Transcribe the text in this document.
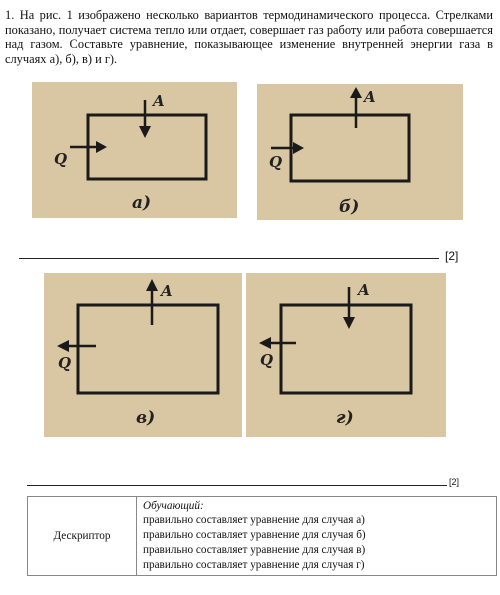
1. На рис. 1 изображено несколько вариантов термодинамического процесса. Стрелками показано, получает система тепло или отдает, совершает газ работу или работа совершается над газом. Составьте уравнение, показывающее изменение внутренней энергии газа в случаях а), б), в) и г).
A
Q
а)
A
Q
б)
[2]
A
Q
в)
A
Q
г)
[2]
Дескриптор	
Обучающий:
правильно составляет уравнение для случая а)
правильно составляет уравнение для случая б)
правильно составляет уравнение для случая в)
правильно составляет уравнение для случая г)
